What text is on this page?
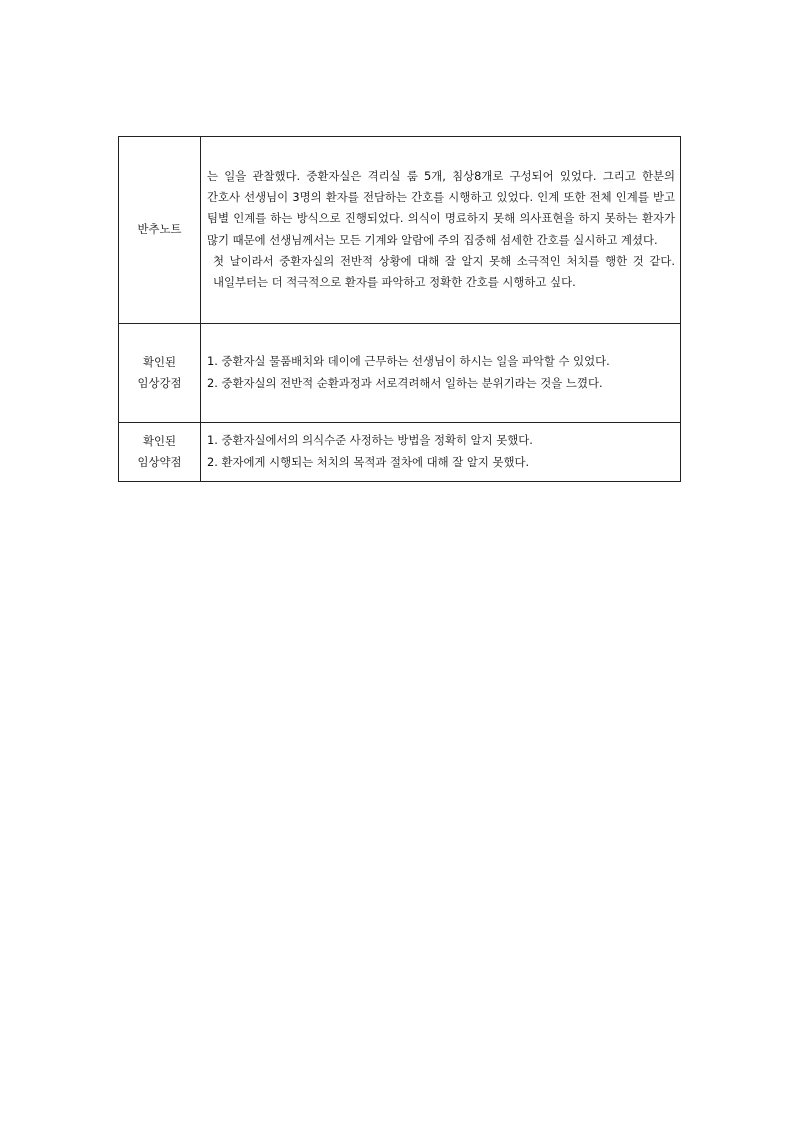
반추노트	는 일을 관찰했다. 중환자실은 격리실 룸 5개, 침상8개로 구성되어 있었다. 그리고 한분의 간호사 선생님이 3명의 환자를 전담하는 간호를 시행하고 있었다. 인계 또한 전체 인계를 받고 팀별 인계를 하는 방식으로 진행되었다. 의식이 명료하지 못해 의사표현을 하지 못하는 환자가 많기 때문에 선생님께서는 모든 기계와 알람에 주의 집중해 섬세한 간호를 실시하고 계셨다.
첫 날이라서 중환자실의 전반적 상황에 대해 잘 알지 못해 소극적인 처치를 행한 것 같다. 내일부터는 더 적극적으로 환자를 파악하고 정확한 간호를 시행하고 싶다.

확인된
임상강점	1. 중환자실 물품배치와 데이에 근무하는 선생님이 하시는 일을 파악할 수 있었다.
2. 중환자실의 전반적 순환과정과 서로격려해서 일하는 분위기라는 것을 느꼈다.

확인된
임상약점	1. 중환자실에서의 의식수준 사정하는 방법을 정확히 알지 못했다.
2. 환자에게 시행되는 처치의 목적과 절차에 대해 잘 알지 못했다.
